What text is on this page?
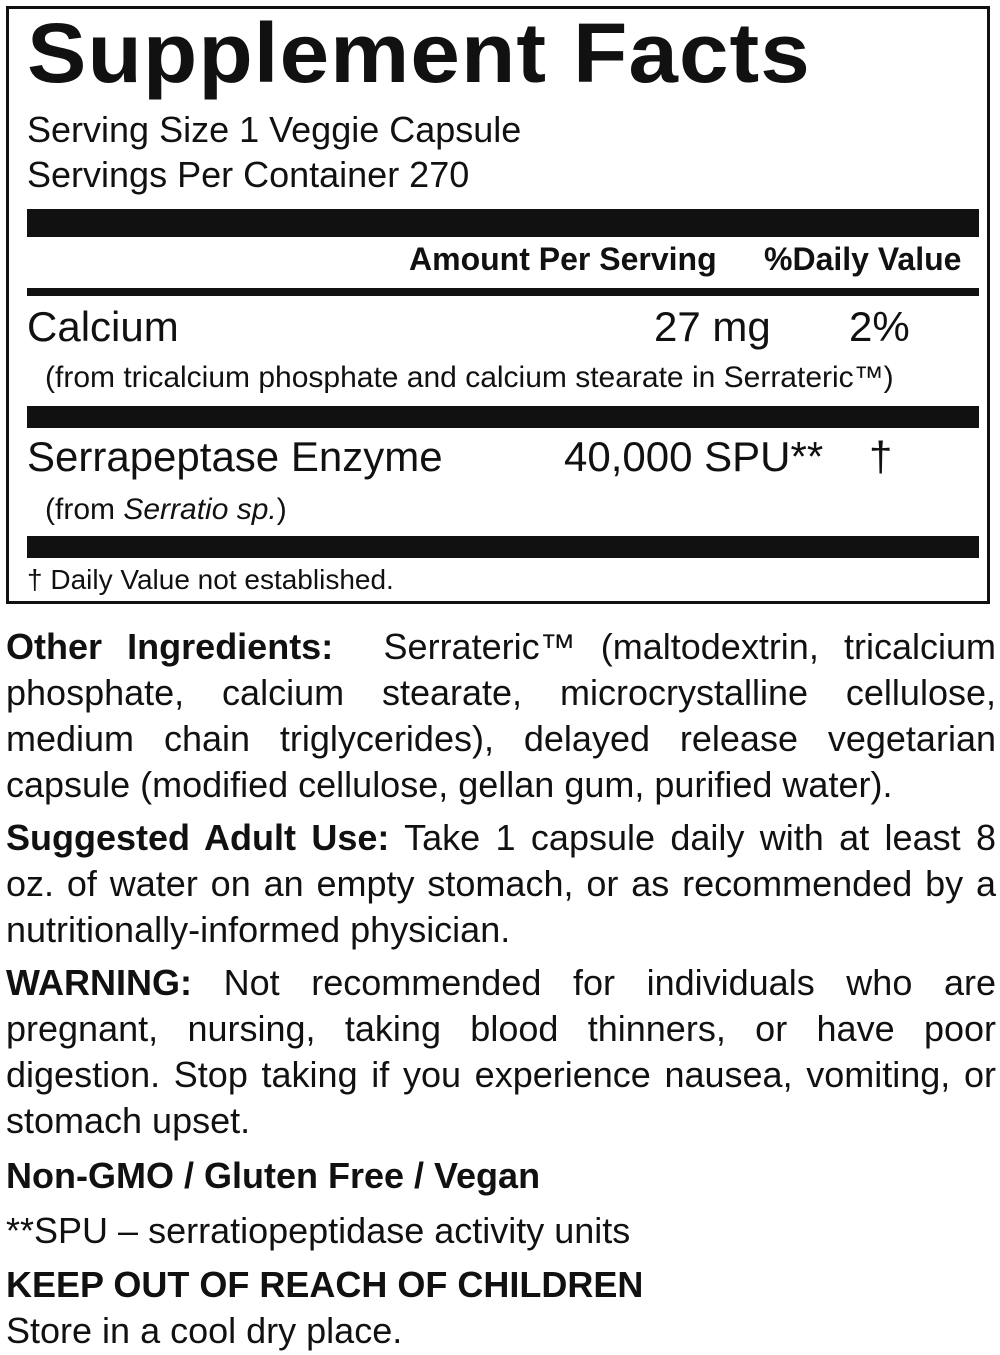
Supplement Facts
Serving Size 1 Veggie Capsule
Servings Per Container 270
Amount Per Serving %Daily Value
Calcium	27 mg 2%
(from tricalcium phosphate and calcium stearate in Serrateric™)
Serrapeptase Enzyme	40,000 SPU** †
(from Serratio sp.)
† Daily Value not established.
Other Ingredients: Serrateric™ (maltodextrin, tricalcium phosphate, calcium stearate, microcrystalline cellulose, medium chain triglycerides), delayed release vegetarian capsule (modified cellulose, gellan gum, purified water).
Suggested Adult Use: Take 1 capsule daily with at least 8 oz. of water on an empty stomach, or as recommended by a nutritionally-informed physician.
WARNING: Not recommended for individuals who are pregnant, nursing, taking blood thinners, or have poor digestion. Stop taking if you experience nausea, vomiting, or stomach upset.
Non-GMO / Gluten Free / Vegan
**SPU – serratiopeptidase activity units
KEEP OUT OF REACH OF CHILDREN
Store in a cool dry place.
